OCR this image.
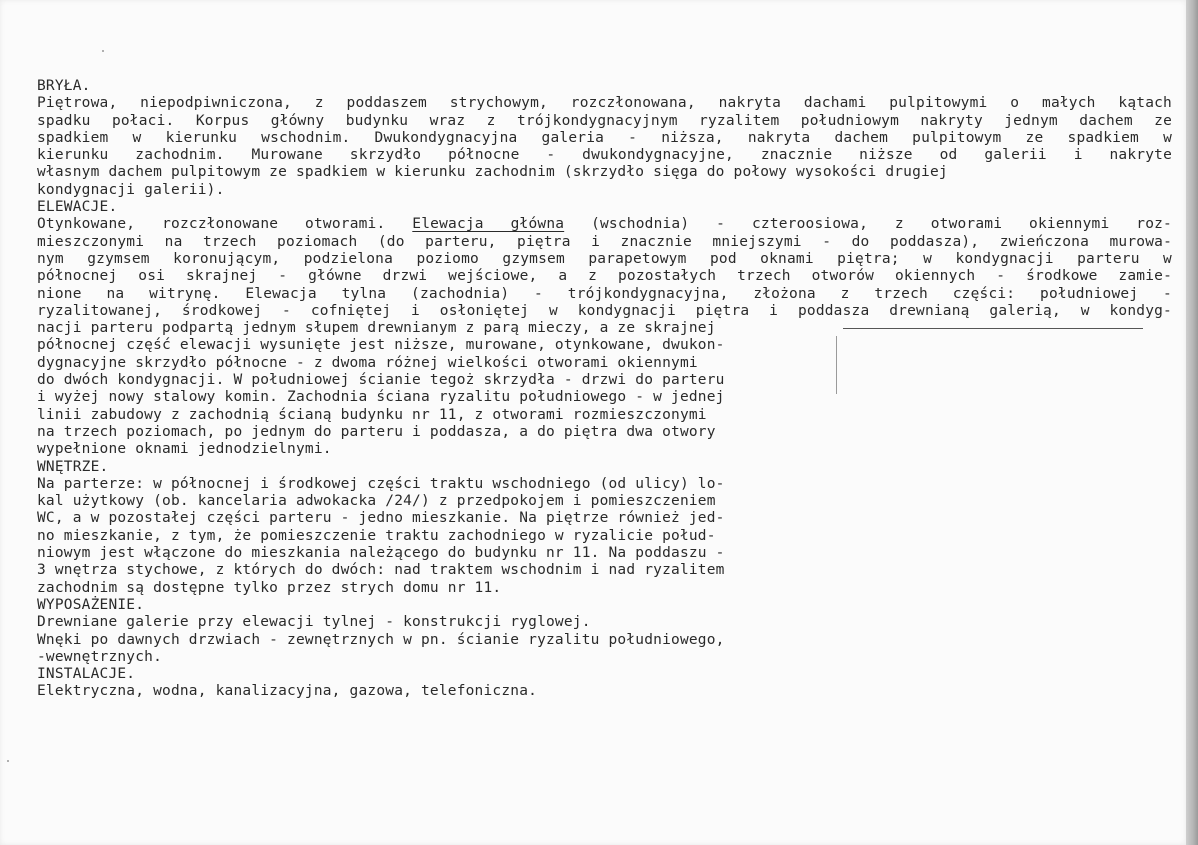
BRYŁA.
Piętrowa, niepodpiwniczona, z poddaszem strychowym, rozczłonowana, nakryta dachami pulpitowymi o małych kątach
spadku połaci. Korpus główny budynku wraz z trójkondygnacyjnym ryzalitem południowym nakryty jednym dachem ze
spadkiem w kierunku wschodnim. Dwukondygnacyjna galeria - niższa, nakryta dachem pulpitowym ze spadkiem w
kierunku zachodnim. Murowane skrzydło północne - dwukondygnacyjne, znacznie niższe od galerii i nakryte
własnym dachem pulpitowym ze spadkiem w kierunku zachodnim (skrzydło sięga do połowy wysokości drugiej
kondygnacji galerii).
ELEWACJE.
Otynkowane, rozczłonowane otworami. Elewacja główna (wschodnia) - czteroosiowa, z otworami okiennymi roz-
mieszczonymi na trzech poziomach (do parteru, piętra i znacznie mniejszymi - do poddasza), zwieńczona murowa-
nym gzymsem koronującym, podzielona poziomo gzymsem parapetowym pod oknami piętra; w kondygnacji parteru w
północnej osi skrajnej - główne drzwi wejściowe, a z pozostałych trzech otworów okiennych - środkowe zamie-
nione na witrynę. Elewacja tylna (zachodnia) - trójkondygnacyjna, złożona z trzech części: południowej -
ryzalitowanej, środkowej - cofniętej i osłoniętej w kondygnacji piętra i poddasza drewnianą galerią, w kondyg-
nacji parteru podpartą jednym słupem drewnianym z parą mieczy, a ze skrajnej
północnej część elewacji wysunięte jest niższe, murowane, otynkowane, dwukon-
dygnacyjne skrzydło północne - z dwoma różnej wielkości otworami okiennymi
do dwóch kondygnacji. W południowej ścianie tegoż skrzydła - drzwi do parteru
i wyżej nowy stalowy komin. Zachodnia ściana ryzalitu południowego - w jednej
linii zabudowy z zachodnią ścianą budynku nr 11, z otworami rozmieszczonymi
na trzech poziomach, po jednym do parteru i poddasza, a do piętra dwa otwory
wypełnione oknami jednodzielnymi.
WNĘTRZE.
Na parterze: w północnej i środkowej części traktu wschodniego (od ulicy) lo-
kal użytkowy (ob. kancelaria adwokacka /24/) z przedpokojem i pomieszczeniem
WC, a w pozostałej części parteru - jedno mieszkanie. Na piętrze również jed-
no mieszkanie, z tym, że pomieszczenie traktu zachodniego w ryzalicie połud-
niowym jest włączone do mieszkania należącego do budynku nr 11. Na poddaszu -
3 wnętrza stychowe, z których do dwóch: nad traktem wschodnim i nad ryzalitem
zachodnim są dostępne tylko przez strych domu nr 11.
WYPOSAŻENIE.
Drewniane galerie przy elewacji tylnej - konstrukcji ryglowej.
Wnęki po dawnych drzwiach - zewnętrznych w pn. ścianie ryzalitu południowego,
-wewnętrznych.
INSTALACJE.
Elektryczna, wodna, kanalizacyjna, gazowa, telefoniczna.
